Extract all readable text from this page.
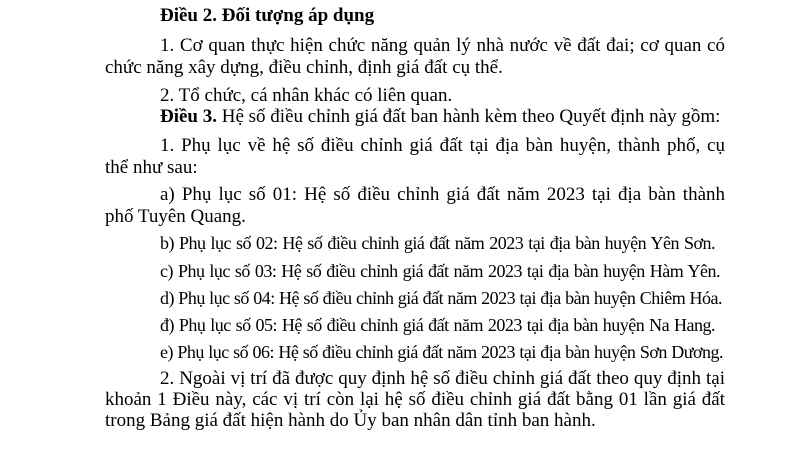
Điều 2. Đối tượng áp dụng
1. Cơ quan thực hiện chức năng quản lý nhà nước về đất đai; cơ quan có
chức năng xây dựng, điều chỉnh, định giá đất cụ thể.
2. Tổ chức, cá nhân khác có liên quan.
Điều 3. Hệ số điều chỉnh giá đất ban hành kèm theo Quyết định này gồm:
1. Phụ lục về hệ số điều chỉnh giá đất tại địa bàn huyện, thành phố, cụ
thể như sau:
a) Phụ lục số 01: Hệ số điều chỉnh giá đất năm 2023 tại địa bàn thành
phố Tuyên Quang.
b) Phụ lục số 02: Hệ số điều chỉnh giá đất năm 2023 tại địa bàn huyện Yên Sơn.
c) Phụ lục số 03: Hệ số điều chỉnh giá đất năm 2023 tại địa bàn huyện Hàm Yên.
d) Phụ lục số 04: Hệ số điều chỉnh giá đất năm 2023 tại địa bàn huyện Chiêm Hóa.
đ) Phụ lục số 05: Hệ số điều chỉnh giá đất năm 2023 tại địa bàn huyện Na Hang.
e) Phụ lục số 06: Hệ số điều chỉnh giá đất năm 2023 tại địa bàn huyện Sơn Dương.
2. Ngoài vị trí đã được quy định hệ số điều chỉnh giá đất theo quy định tại
khoản 1 Điều này, các vị trí còn lại hệ số điều chỉnh giá đất bằng 01 lần giá đất
trong Bảng giá đất hiện hành do Ủy ban nhân dân tỉnh ban hành.
